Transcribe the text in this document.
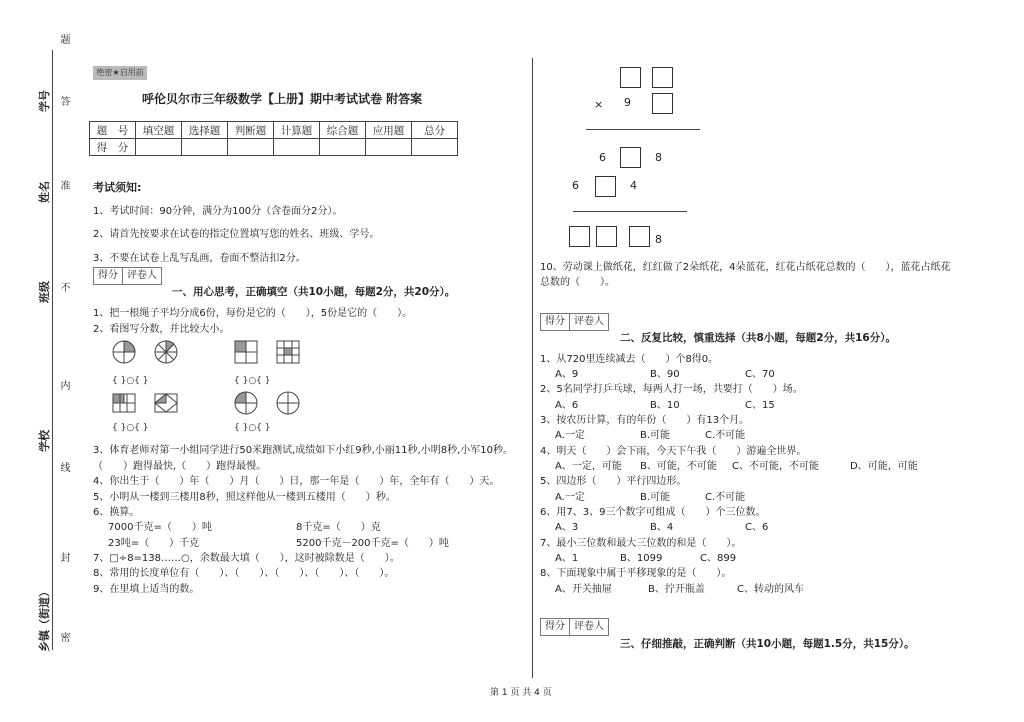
学号
姓名
班级
学校
乡镇（街道）
题
答
准
不
内
线
封
密
绝密★启用前
呼伦贝尔市三年级数学【上册】期中考试试卷 附答案
题　号	填空题	选择题	判断题	计算题	综合题	应用题	总分
得　分							
考试须知:
1、考试时间：90分钟，满分为100分（含卷面分2分）。
2、请首先按要求在试卷的指定位置填写您的姓名、班级、学号。
3、不要在试卷上乱写乱画，卷面不整洁扣2分。
得分 评卷人
一、用心思考，正确填空（共10小题，每题2分，共20分）。
1、把一根绳子平均分成6份，每份是它的（　　），5份是它的（　　）。
2、看图写分数，并比较大小。
{ }○{ }
{ }○{ }
{ }○{ }
{ }○{ }
3、体育老师对第一小组同学进行50米跑测试,成绩如下小红9秒,小丽11秒,小明8秒,小军10秒。
（　　）跑得最快,（　　）跑得最慢。
4、你出生于（　　）年（　　）月（　　）日，那一年是（　　）年，全年有（　　）天。
5、小明从一楼到三楼用8秒，照这样他从一楼到五楼用（　　）秒。
6、换算。
7000千克=（　　）吨	8千克=（　　）克
23吨=（　　）千克	5200千克－200千克=（　　）吨
7、□÷8=138……○，余数最大填（　　），这时被除数是（　　）。
8、常用的长度单位有（　　）、（　　）、（　　）、（　　）、（　　）。
9、在里填上适当的数。
× 9
6	8
6	4
8
10、劳动课上做纸花，红红做了2朵纸花，4朵蓝花，红花占纸花总数的（　　），蓝花占纸花
总数的（　　）。
得分 评卷人
二、反复比较，慎重选择（共8小题，每题2分，共16分）。
1、从720里连续减去（　　）个8得0。
A、9	B、90	C、70
2、5名同学打乒乓球，每两人打一场，共要打（　　）场。
A、6	B、10	C、15
3、按农历计算，有的年份（　　）有13个月。
A.一定	B.可能	C.不可能
4、明天（　　）会下雨，今天下午我（　　）游遍全世界。
A、一定，可能 B、可能，不可能 C、不可能，不可能	D、可能，可能
5、四边形（　　）平行四边形。
A.一定	B.可能	C.不可能
6、用7、3、9三个数字可组成（　　）个三位数。
A、3	B、4	C、6
7、最小三位数和最大三位数的和是（　　）。
A、1	B、1099	C、899
8、下面现象中属于平移现象的是（　　）。
A、开关抽屉	B、拧开瓶盖	C、转动的风车
得分 评卷人
三、仔细推敲，正确判断（共10小题，每题1.5分，共15分）。
第 1 页 共 4 页
